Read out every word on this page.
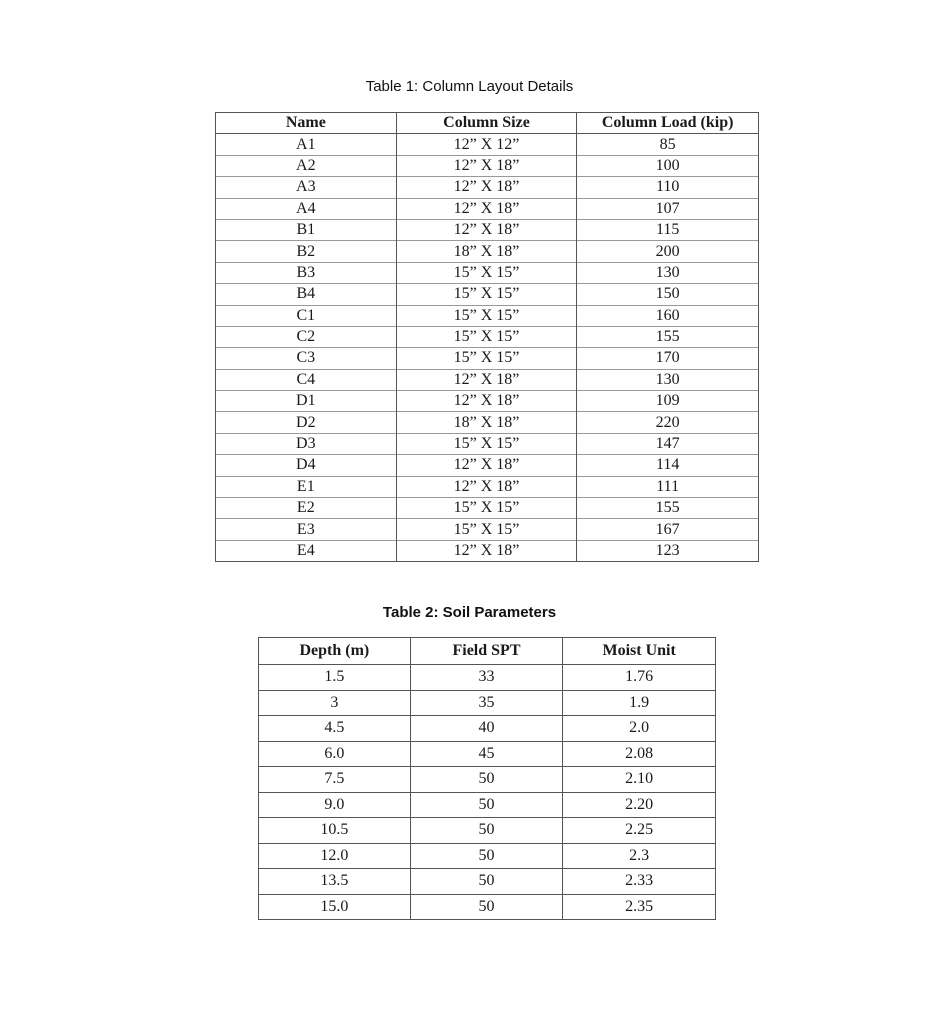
Table 1: Column Layout Details
Name	Column Size	Column Load (kip)
A1	12” X 12”	85
A2	12” X 18”	100
A3	12” X 18”	110
A4	12” X 18”	107
B1	12” X 18”	115
B2	18” X 18”	200
B3	15” X 15”	130
B4	15” X 15”	150
C1	15” X 15”	160
C2	15” X 15”	155
C3	15” X 15”	170
C4	12” X 18”	130
D1	12” X 18”	109
D2	18” X 18”	220
D3	15” X 15”	147
D4	12” X 18”	114
E1	12” X 18”	111
E2	15” X 15”	155
E3	15” X 15”	167
E4	12” X 18”	123
Table 2: Soil Parameters
Depth (m)	Field SPT	Moist Unit
1.5	33	1.76
3	35	1.9
4.5	40	2.0
6.0	45	2.08
7.5	50	2.10
9.0	50	2.20
10.5	50	2.25
12.0	50	2.3
13.5	50	2.33
15.0	50	2.35
